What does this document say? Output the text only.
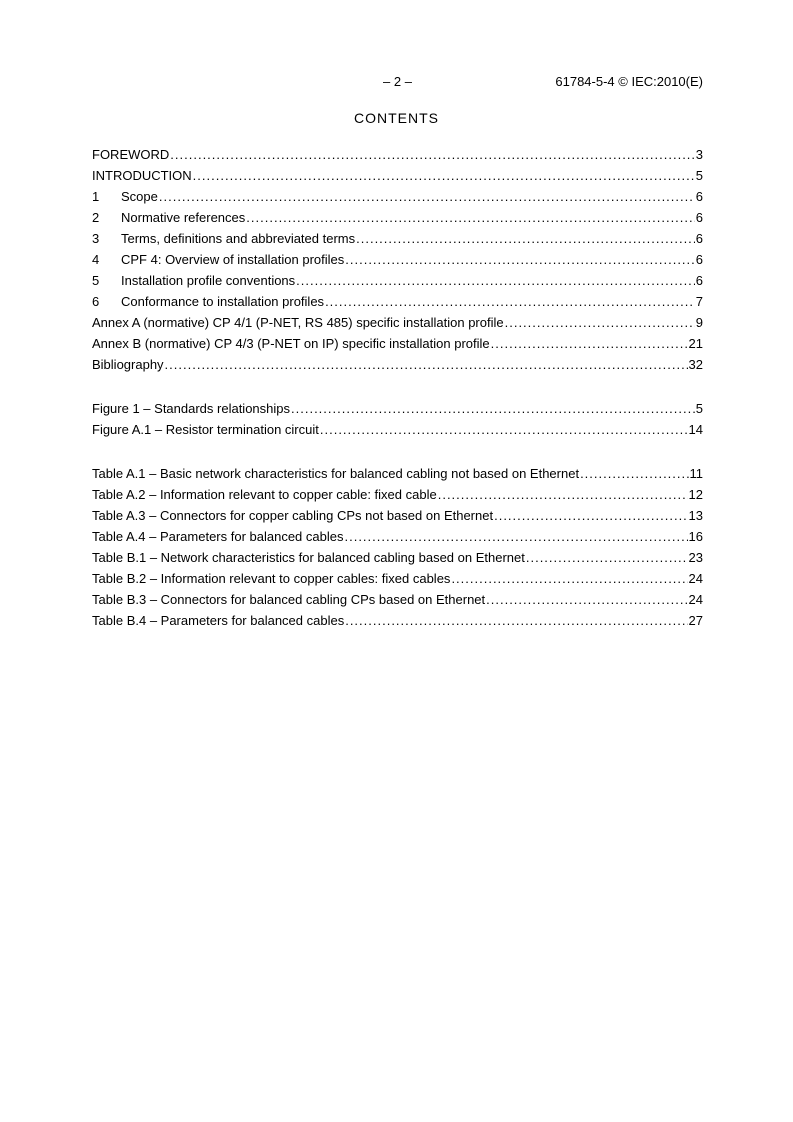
– 2 –	61784-5-4 © IEC:2010(E)
CONTENTS
FOREWORD .....	3
INTRODUCTION .....	5
1	Scope .....	6
2	Normative references .....	6
3	Terms, definitions and abbreviated terms .....	6
4	CPF 4: Overview of installation profiles .....	6
5	Installation profile conventions .....	6
6	Conformance to installation profiles .....	7
Annex A (normative) CP 4/1 (P-NET, RS 485) specific installation profile .....	9
Annex B (normative) CP 4/3 (P-NET on IP) specific installation profile .....	21
Bibliography .....	32
Figure 1 – Standards relationships .....	5
Figure A.1 – Resistor termination circuit .....	14
Table A.1 – Basic network characteristics for balanced cabling not based on Ethernet .....	11
Table A.2 – Information relevant to copper cable: fixed cable .....	12
Table A.3 – Connectors for copper cabling CPs not based on Ethernet .....	13
Table A.4 – Parameters for balanced cables .....	16
Table B.1 – Network characteristics for balanced cabling based on Ethernet .....	23
Table B.2 – Information relevant to copper cables: fixed cables .....	24
Table B.3 – Connectors for balanced cabling CPs based on Ethernet .....	24
Table B.4 – Parameters for balanced cables .....	27
